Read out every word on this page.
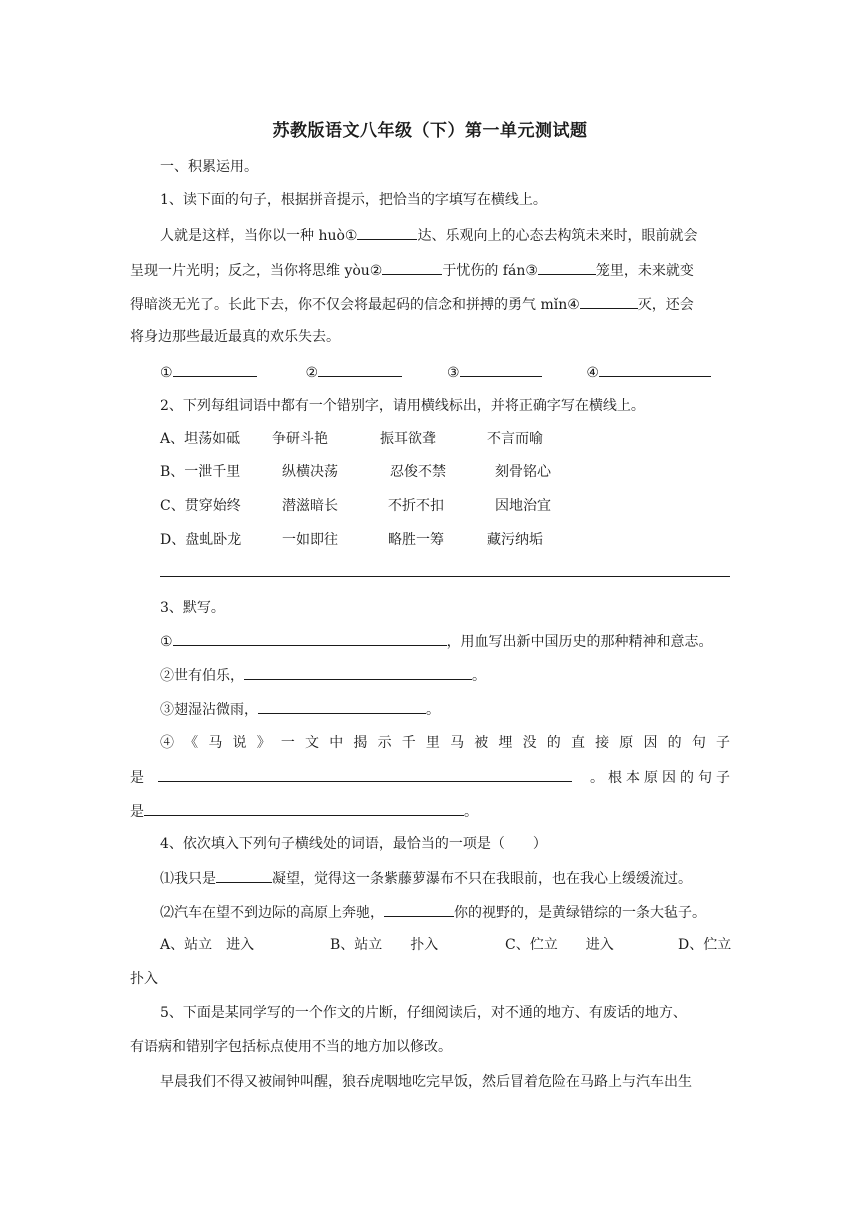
苏教版语文八年级（下）第一单元测试题
一、积累运用。
1、读下面的句子，根据拼音提示，把恰当的字填写在横线上。
人就是这样，当你以一种 huò①	达、乐观向上的心态去构筑未来时，眼前就会
呈现一片光明；反之，当你将思维 yòu②	于忧伤的 fán③	笼里，未来就变
得暗淡无光了。长此下去，你不仅会将最起码的信念和拼搏的勇气 mǐn④	灭，还会
将身边那些最近最真的欢乐失去。
①	②	③	④
2、下列每组词语中都有一个错别字，请用横线标出，并将正确字写在横线上。
A、坦荡如砥 争研斗艳	振耳欲聋	不言而喻
B、一泄千里	纵横决荡	忍俊不禁	刻骨铭心
C、贯穿始终	潜滋暗长	不折不扣	因地治宜
D、盘虬卧龙	一如即往	略胜一筹	藏污纳垢
3、默写。
①	，用血写出新中国历史的那种精神和意志。
②世有伯乐，	。
③翅湿沾微雨，	。
④《马说》一文中揭示千里马被埋没的直接原因的句子
是	。根本原因的句子
是	。
4、依次填入下列句子横线处的词语，最恰当的一项是（　　）
⑴我只是	凝望，觉得这一条紫藤萝瀑布不只在我眼前，也在我心上缓缓流过。
⑵汽车在望不到边际的高原上奔驰，	你的视野的，是黄绿错综的一条大毡子。
A、站立　进入	B、站立　　扑入	C、伫立　　进入	D、伫立
扑入
5、下面是某同学写的一个作文的片断，仔细阅读后，对不通的地方、有废话的地方、
有语病和错别字包括标点使用不当的地方加以修改。
早晨我们不得又被闹钟叫醒，狼吞虎咽地吃完早饭，然后冒着危险在马路上与汽车出生
